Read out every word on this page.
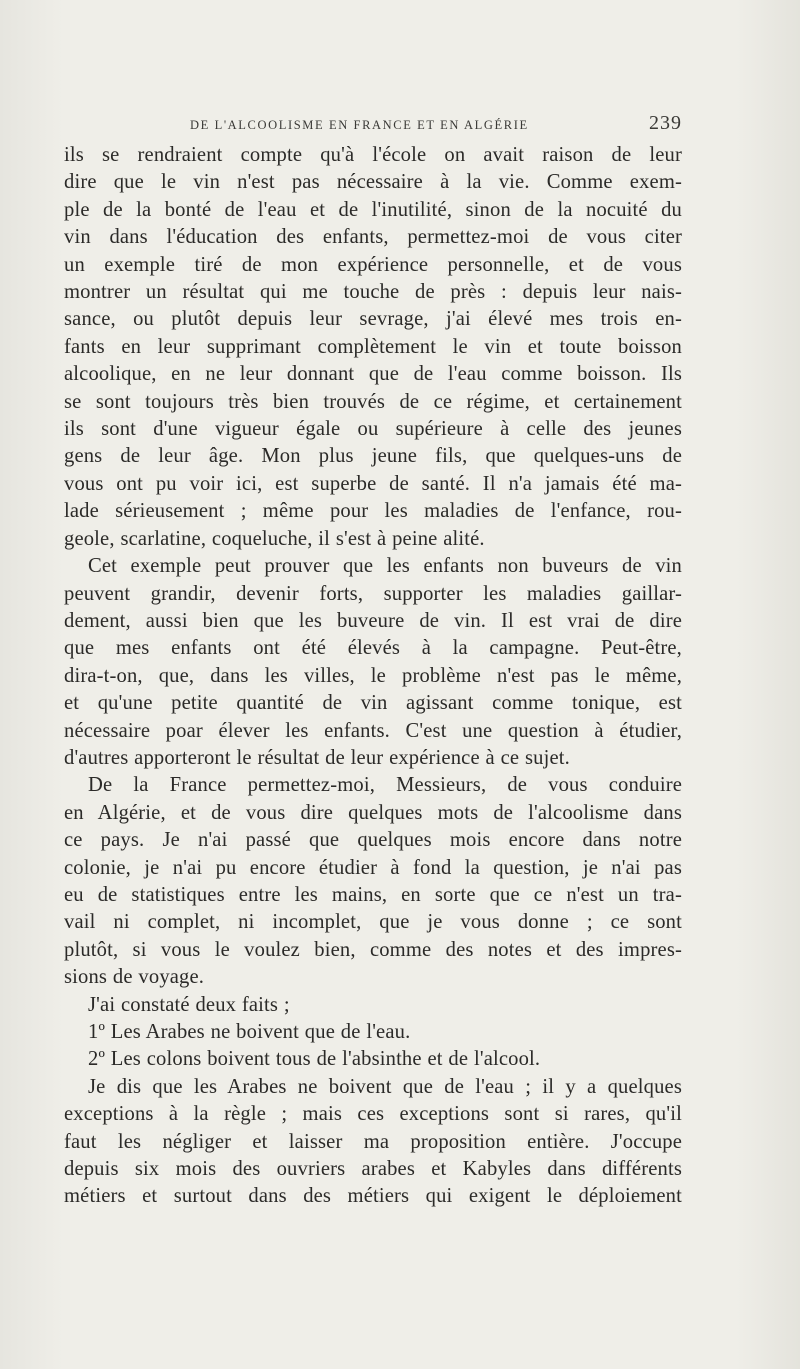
DE L'ALCOOLISME EN FRANCE ET EN ALGÉRIE	239
ils se rendraient compte qu'à l'école on avait raison de leur
dire que le vin n'est pas nécessaire à la vie. Comme exem-
ple de la bonté de l'eau et de l'inutilité, sinon de la nocuité du
vin dans l'éducation des enfants, permettez-moi de vous citer
un exemple tiré de mon expérience personnelle, et de vous
montrer un résultat qui me touche de près : depuis leur nais-
sance, ou plutôt depuis leur sevrage, j'ai élevé mes trois en-
fants en leur supprimant complètement le vin et toute boisson
alcoolique, en ne leur donnant que de l'eau comme boisson. Ils
se sont toujours très bien trouvés de ce régime, et certainement
ils sont d'une vigueur égale ou supérieure à celle des jeunes
gens de leur âge. Mon plus jeune fils, que quelques-uns de
vous ont pu voir ici, est superbe de santé. Il n'a jamais été ma-
lade sérieusement ; même pour les maladies de l'enfance, rou-
geole, scarlatine, coqueluche, il s'est à peine alité.
Cet exemple peut prouver que les enfants non buveurs de vin
peuvent grandir, devenir forts, supporter les maladies gaillar-
dement, aussi bien que les buveure de vin. Il est vrai de dire
que mes enfants ont été élevés à la campagne. Peut-être,
dira-t-on, que, dans les villes, le problème n'est pas le même,
et qu'une petite quantité de vin agissant comme tonique, est
nécessaire poar élever les enfants. C'est une question à étudier,
d'autres apporteront le résultat de leur expérience à ce sujet.
De la France permettez-moi, Messieurs, de vous conduire
en Algérie, et de vous dire quelques mots de l'alcoolisme dans
ce pays. Je n'ai passé que quelques mois encore dans notre
colonie, je n'ai pu encore étudier à fond la question, je n'ai pas
eu de statistiques entre les mains, en sorte que ce n'est un tra-
vail ni complet, ni incomplet, que je vous donne ; ce sont
plutôt, si vous le voulez bien, comme des notes et des impres-
sions de voyage.
J'ai constaté deux faits ;
1º Les Arabes ne boivent que de l'eau.
2º Les colons boivent tous de l'absinthe et de l'alcool.
Je dis que les Arabes ne boivent que de l'eau ; il y a quelques
exceptions à la règle ; mais ces exceptions sont si rares, qu'il
faut les négliger et laisser ma proposition entière. J'occupe
depuis six mois des ouvriers arabes et Kabyles dans différents
métiers et surtout dans des métiers qui exigent le déploiement
